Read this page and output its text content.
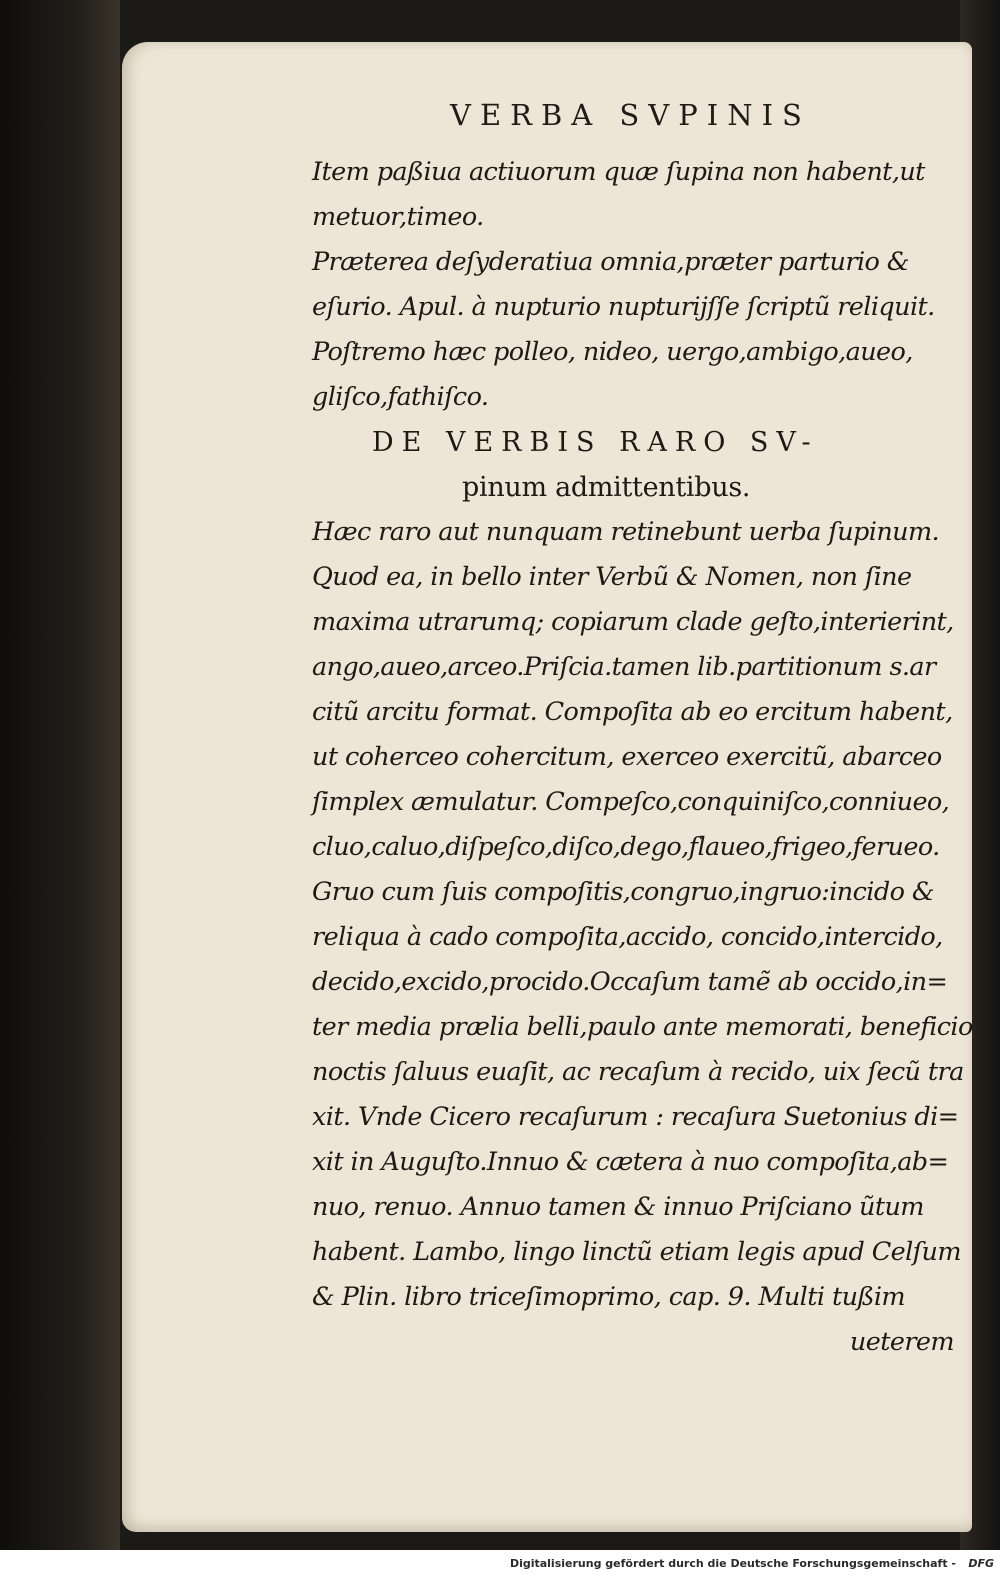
VERBA SVPINIS
Item paßiua actiuorum quæ ſupina non habent,ut
metuor,timeo.
Præterea deſyderatiua omnia,præter parturio &
eſurio. Apul. à nupturio nupturijſſe ſcriptũ reliquit.
Poſtremo hæc polleo, nideo, uergo,ambigo,aueo,
gliſco,fathiſco.
DE VERBIS RARO SV-
pinum admittentibus.
Hæc raro aut nunquam retinebunt uerba ſupinum.
Quod ea, in bello inter Verbũ & Nomen, non ſine
maxima utrarumq; copiarum clade geſto,interierint,
ango,aueo,arceo.Priſcia.tamen lib.partitionum s.ar
citũ arcitu format. Compoſita ab eo ercitum habent,
ut coherceo cohercitum, exerceo exercitũ, abarceo
ſimplex æmulatur. Compeſco,conquiniſco,conniueo,
cluo,caluo,diſpeſco,diſco,dego,flaueo,frigeo,ferueo.
Gruo cum ſuis compoſitis,congruo,ingruo:incido &
reliqua à cado compoſita,accido, concido,intercido,
decido,excido,procido.Occaſum tamẽ ab occido,in=
ter media prælia belli,paulo ante memorati, beneficio
noctis ſaluus euaſit, ac recaſum à recido, uix ſecũ tra
xit. Vnde Cicero recaſurum : recaſura Suetonius di=
xit in Auguſto.Innuo & cætera à nuo compoſita,ab=
nuo, renuo. Annuo tamen & innuo Priſciano ũtum
habent. Lambo, lingo linctũ etiam legis apud Celſum
& Plin. libro triceſimoprimo, cap. 9. Multi tußim
ueterem
Digitalisierung gefördert durch die Deutsche Forschungsgemeinschaft - DFG
